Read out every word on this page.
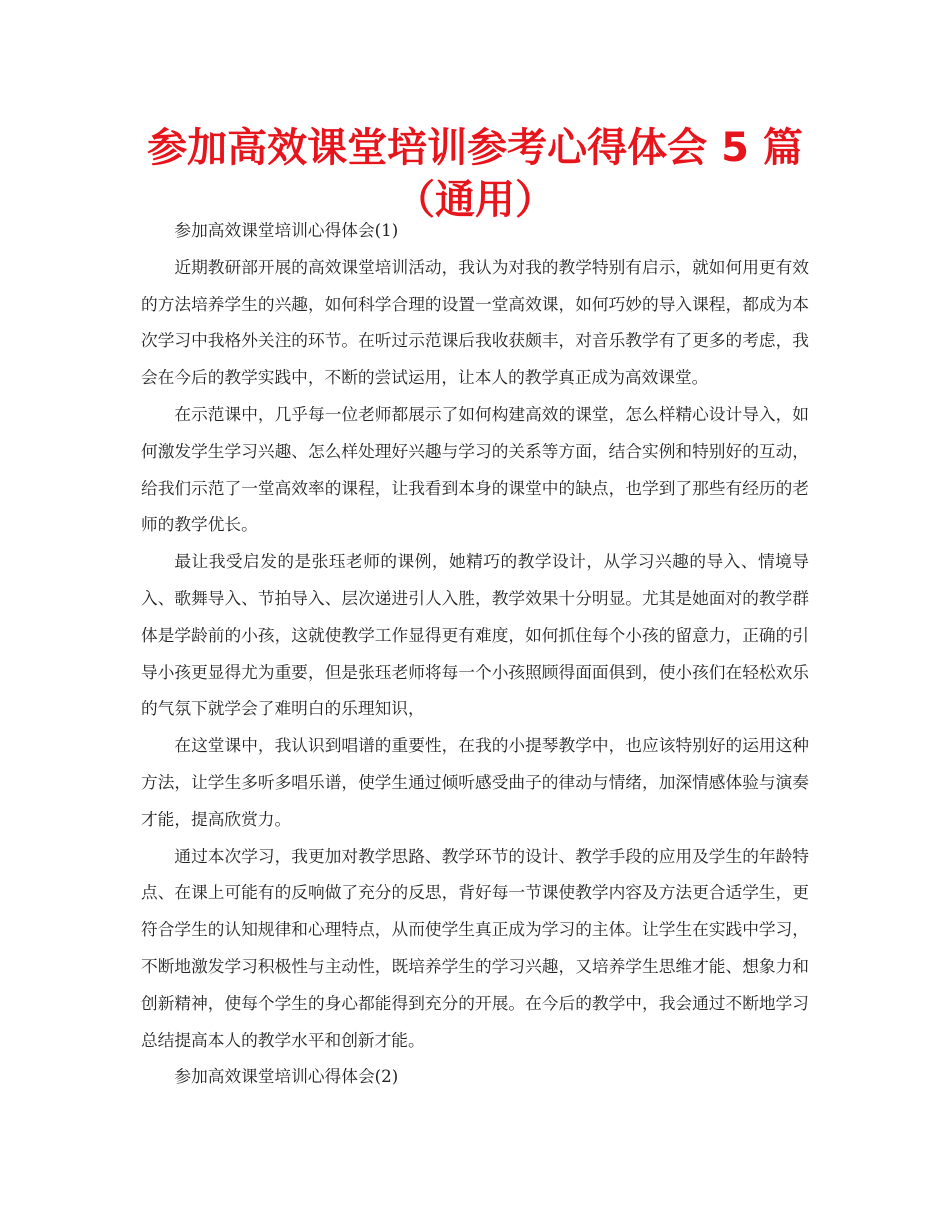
参加高效课堂培训参考心得体会 5 篇 （通用）

参加高效课堂培训心得体会(1)

近期教研部开展的高效课堂培训活动，我认为对我的教学特别有启示，就如何用更有效的方法培养学生的兴趣，如何科学合理的设置一堂高效课，如何巧妙的导入课程，都成为本次学习中我格外关注的环节。在听过示范课后我收获颇丰，对音乐教学有了更多的考虑，我会在今后的教学实践中，不断的尝试运用，让本人的教学真正成为高效课堂。

在示范课中，几乎每一位老师都展示了如何构建高效的课堂，怎么样精心设计导入，如何激发学生学习兴趣、怎么样处理好兴趣与学习的关系等方面，结合实例和特别好的互动，给我们示范了一堂高效率的课程，让我看到本身的课堂中的缺点，也学到了那些有经历的老师的教学优长。

最让我受启发的是张珏老师的课例，她精巧的教学设计，从学习兴趣的导入、情境导入、歌舞导入、节拍导入、层次递进引人入胜，教学效果十分明显。尤其是她面对的教学群体是学龄前的小孩，这就使教学工作显得更有难度，如何抓住每个小孩的留意力，正确的引导小孩更显得尤为重要，但是张珏老师将每一个小孩照顾得面面俱到，使小孩们在轻松欢乐的气氛下就学会了难明白的乐理知识，

在这堂课中，我认识到唱谱的重要性，在我的小提琴教学中，也应该特别好的运用这种方法，让学生多听多唱乐谱，使学生通过倾听感受曲子的律动与情绪，加深情感体验与演奏才能，提高欣赏力。

通过本次学习，我更加对教学思路、教学环节的设计、教学手段的应用及学生的年龄特点、在课上可能有的反响做了充分的反思，背好每一节课使教学内容及方法更合适学生，更符合学生的认知规律和心理特点，从而使学生真正成为学习的主体。让学生在实践中学习，不断地激发学习积极性与主动性，既培养学生的学习兴趣，又培养学生思维才能、想象力和创新精神，使每个学生的身心都能得到充分的开展。在今后的教学中，我会通过不断地学习总结提高本人的教学水平和创新才能。

参加高效课堂培训心得体会(2)
